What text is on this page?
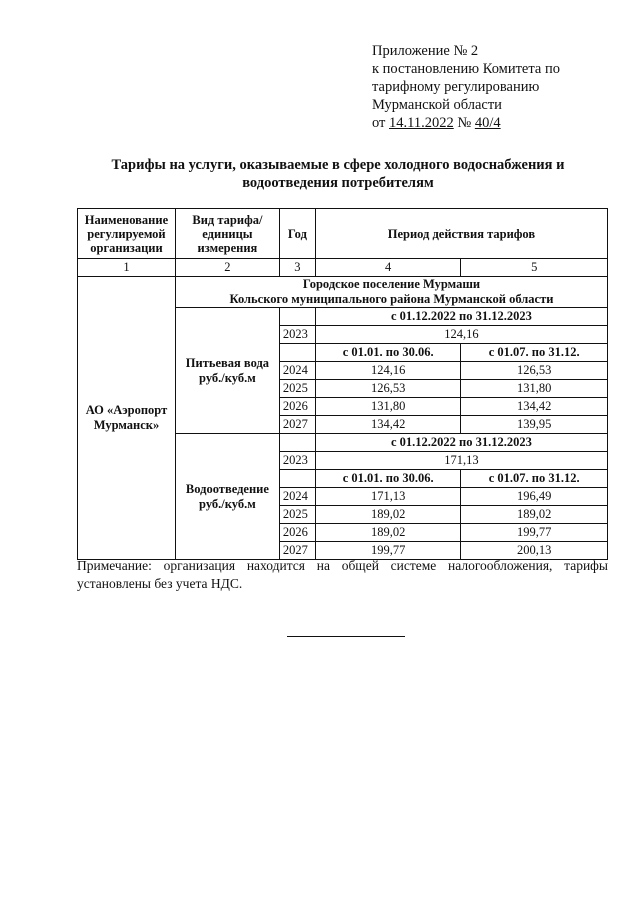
Приложение № 2
к постановлению Комитета по
тарифному регулированию
Мурманской области
от 14.11.2022 № 40/4
Тарифы на услуги, оказываемые в сфере холодного водоснабжения и
водоотведения потребителям
Наименование регулируемой организации	Вид тарифа/единицы измерения	Год	Период действия тарифов	
1	2	3	4	5
АО «Аэропорт Мурманск»	Городское поселение Мурмаши
Кольского муниципального района Мурманской области			

	Питьевая вода
руб./куб.м		с 01.12.2022 по 31.12.2023	
		2023	124,16	
			с 01.01. по 30.06.	с 01.07. по 31.12.
		2024	124,16	126,53
		2025	126,53	131,80
		2026	131,80	134,42
		2027	134,42	139,95

	Водоотведение
руб./куб.м		с 01.12.2022 по 31.12.2023	
		2023	171,13	
			с 01.01. по 30.06.	с 01.07. по 31.12.
		2024	171,13	196,49
		2025	189,02	189,02
		2026	189,02	199,77
		2027	199,77	200,13
Примечание: организация находится на общей системе налогообложения, тарифы установлены без учета НДС.
